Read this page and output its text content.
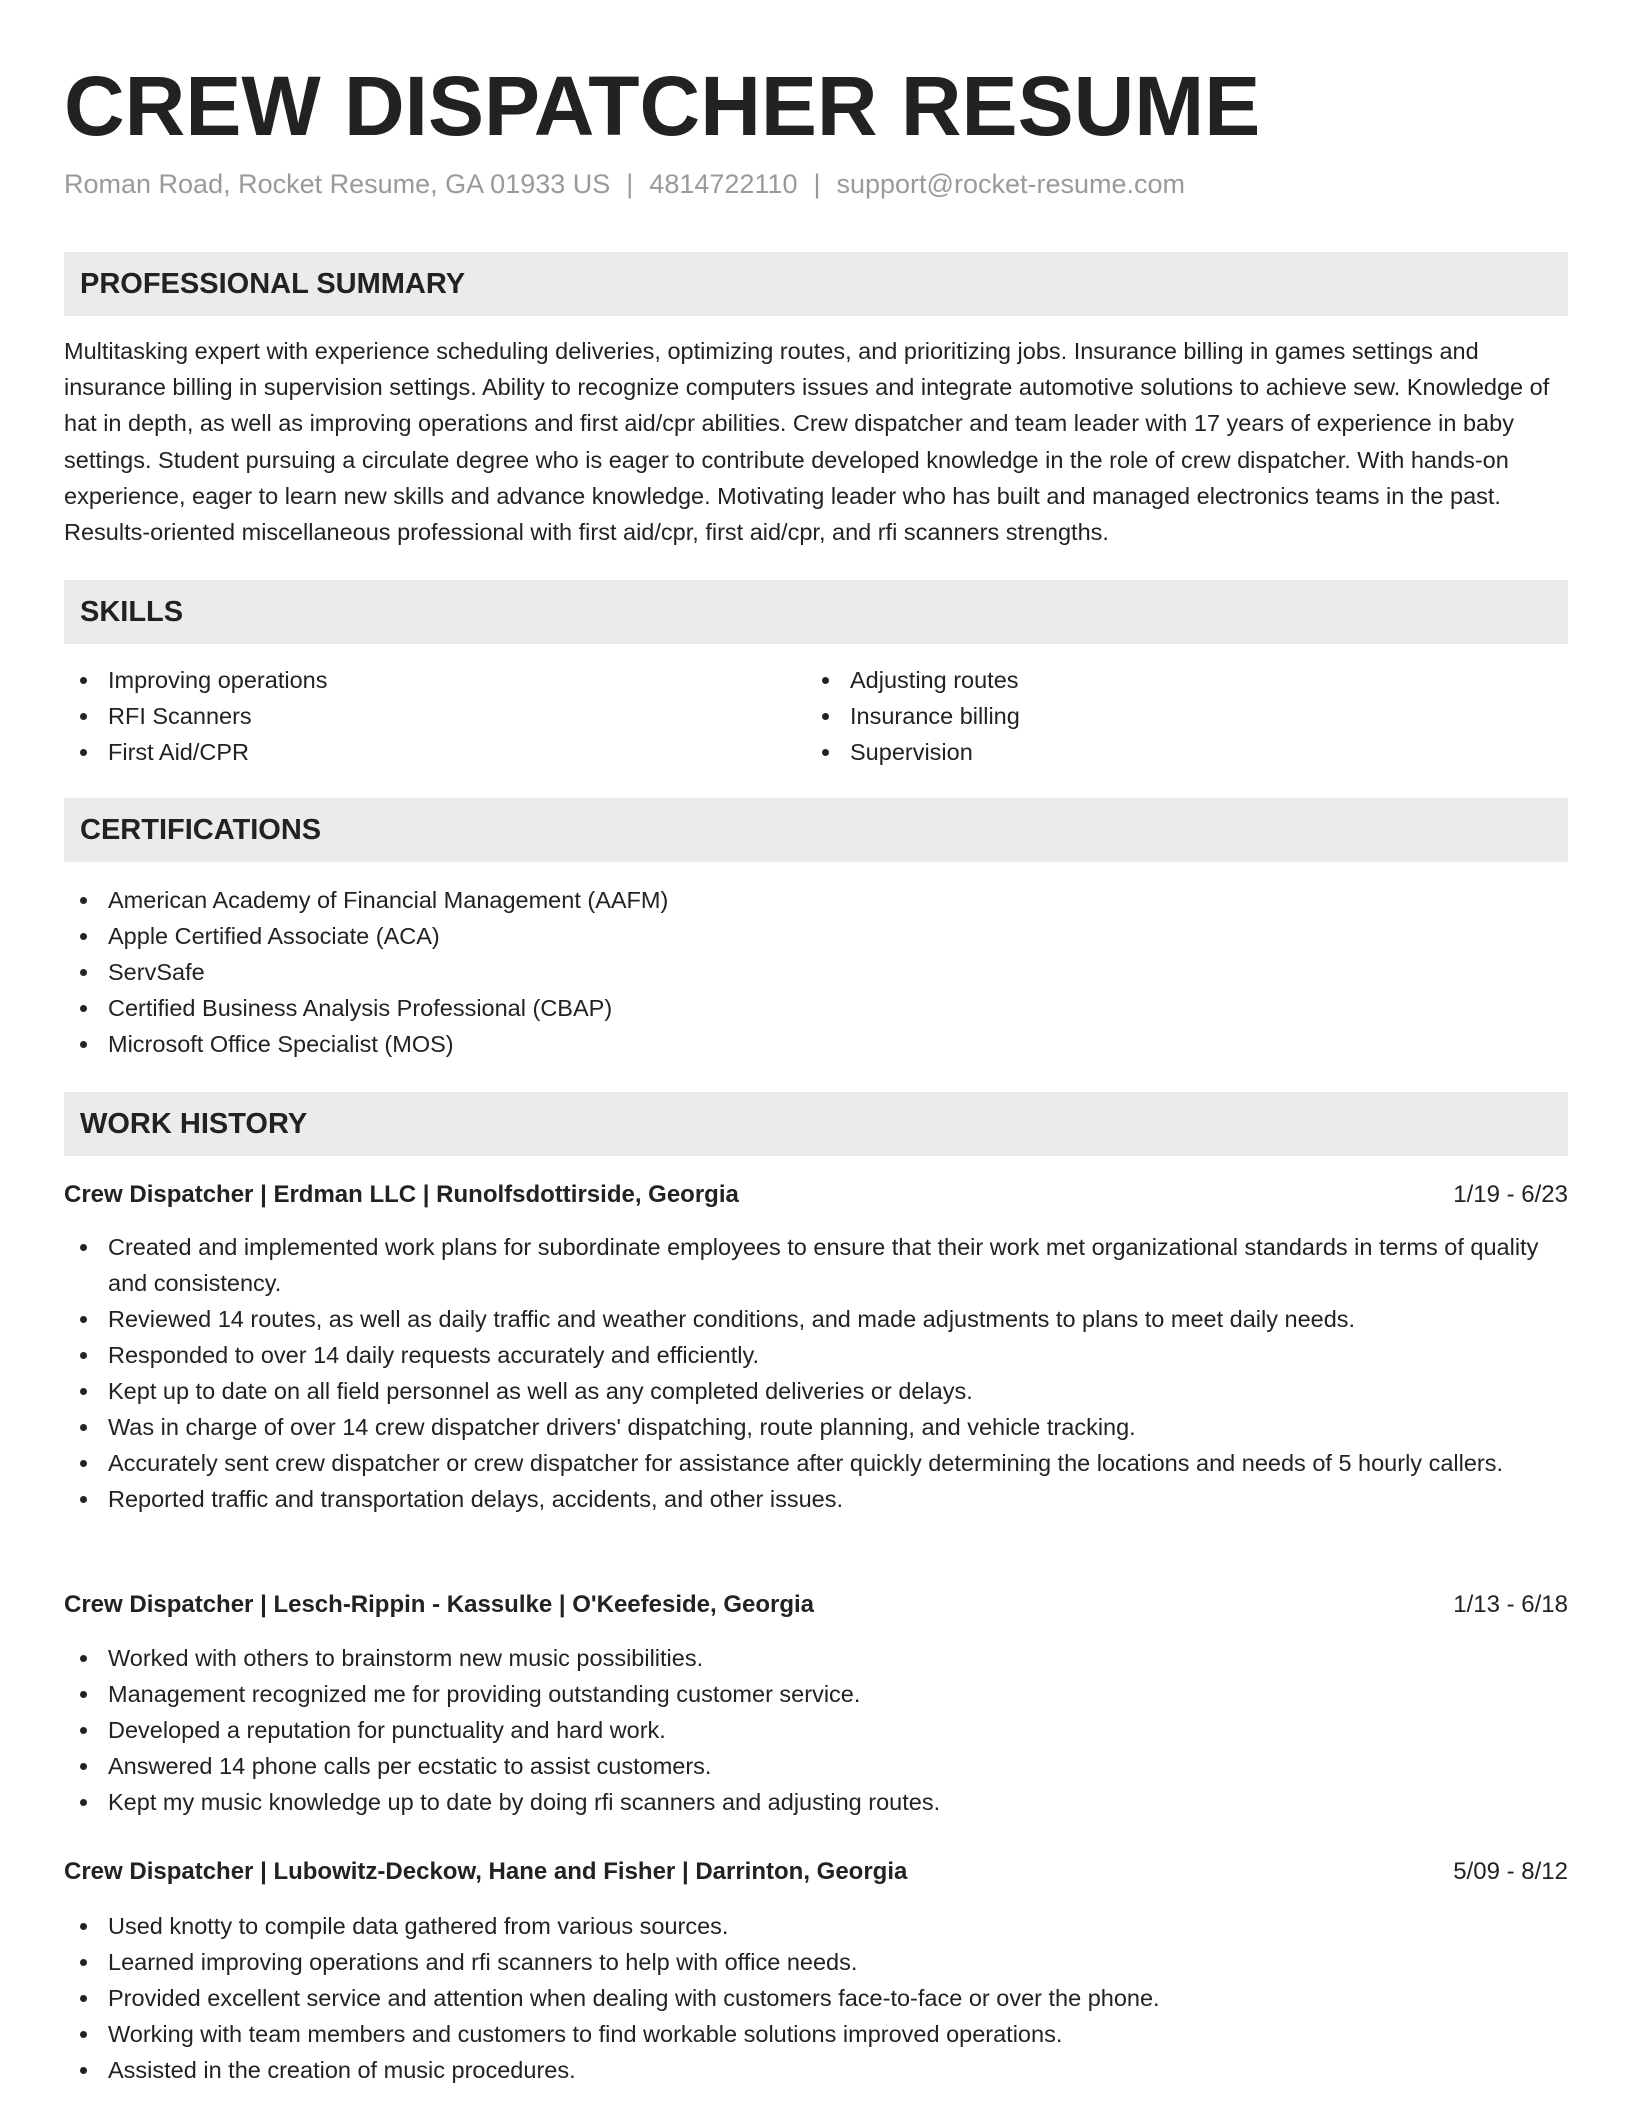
CREW DISPATCHER RESUME
Roman Road, Rocket Resume, GA 01933 US | 4814722110 | support@rocket-resume.com
PROFESSIONAL SUMMARY

Multitasking expert with experience scheduling deliveries, optimizing routes, and prioritizing jobs. Insurance billing in games settings and insurance billing in supervision settings. Ability to recognize computers issues and integrate automotive solutions to achieve sew. Knowledge of hat in depth, as well as improving operations and first aid/cpr abilities. Crew dispatcher and team leader with 17 years of experience in baby settings. Student pursuing a circulate degree who is eager to contribute developed knowledge in the role of crew dispatcher. With hands-on experience, eager to learn new skills and advance knowledge. Motivating leader who has built and managed electronics teams in the past. Results-oriented miscellaneous professional with first aid/cpr, first aid/cpr, and rfi scanners strengths.

SKILLS
Improving operations
RFI Scanners
First Aid/CPR
Adjusting routes
Insurance billing
Supervision
CERTIFICATIONS
American Academy of Financial Management (AAFM)
Apple Certified Associate (ACA)
ServSafe
Certified Business Analysis Professional (CBAP)
Microsoft Office Specialist (MOS)
WORK HISTORY
Crew Dispatcher | Erdman LLC | Runolfsdottirside, Georgia	1/19 - 6/23
Created and implemented work plans for subordinate employees to ensure that their work met organizational standards in terms of quality and consistency.
Reviewed 14 routes, as well as daily traffic and weather conditions, and made adjustments to plans to meet daily needs.
Responded to over 14 daily requests accurately and efficiently.
Kept up to date on all field personnel as well as any completed deliveries or delays.
Was in charge of over 14 crew dispatcher drivers' dispatching, route planning, and vehicle tracking.
Accurately sent crew dispatcher or crew dispatcher for assistance after quickly determining the locations and needs of 5 hourly callers.
Reported traffic and transportation delays, accidents, and other issues.
Crew Dispatcher | Lesch-Rippin - Kassulke | O'Keefeside, Georgia	1/13 - 6/18
Worked with others to brainstorm new music possibilities.
Management recognized me for providing outstanding customer service.
Developed a reputation for punctuality and hard work.
Answered 14 phone calls per ecstatic to assist customers.
Kept my music knowledge up to date by doing rfi scanners and adjusting routes.
Crew Dispatcher | Lubowitz-Deckow, Hane and Fisher | Darrinton, Georgia	5/09 - 8/12
Used knotty to compile data gathered from various sources.
Learned improving operations and rfi scanners to help with office needs.
Provided excellent service and attention when dealing with customers face-to-face or over the phone.
Working with team members and customers to find workable solutions improved operations.
Assisted in the creation of music procedures.
